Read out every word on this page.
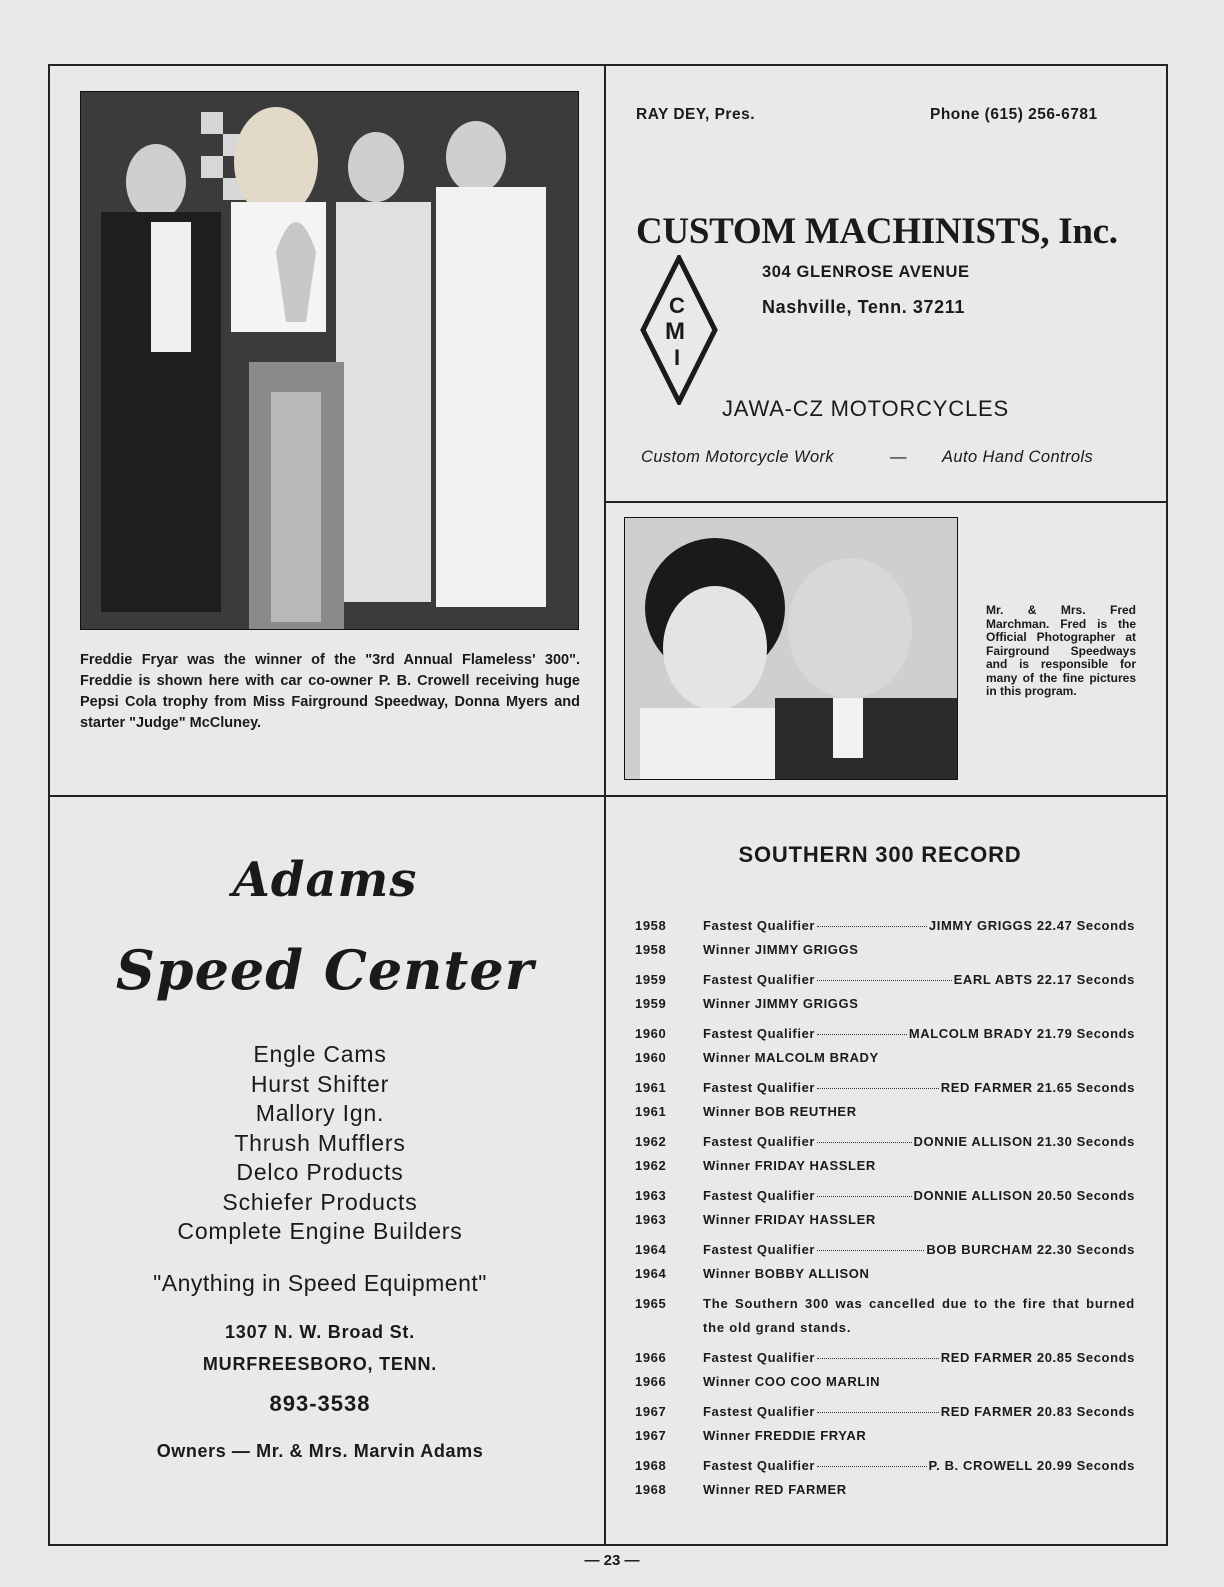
Freddie Fryar was the winner of the "3rd Annual Flameless' 300". Freddie is shown here with car co-owner P. B. Crowell receiving huge Pepsi Cola trophy from Miss Fairground Speedway, Donna Myers and starter "Judge" McCluney.
RAY DEY, Pres.	Phone (615) 256-6781
CUSTOM MACHINISTS, Inc.
C
M
I
304 GLENROSE AVENUE
Nashville, Tenn. 37211
JAWA-CZ MOTORCYCLES
Custom Motorcycle Work	— Auto Hand Controls
Mr. & Mrs. Fred Marchman. Fred is the Official Photographer at Fairground Speedways and is responsible for many of the fine pictures in this program.
Adams
Speed Center
Engle Cams
Hurst Shifter
Mallory Ign.
Thrush Mufflers
Delco Products
Schiefer Products
Complete Engine Builders
"Anything in Speed Equipment"
1307 N. W. Broad St.
MURFREESBORO, TENN.
893-3538
Owners — Mr. & Mrs. Marvin Adams
SOUTHERN 300 RECORD
1958	Fastest Qualifier	JIMMY GRIGGS 22.47 Seconds
1958	Winner JIMMY GRIGGS
1959	Fastest Qualifier	EARL ABTS 22.17 Seconds
1959	Winner JIMMY GRIGGS
1960	Fastest Qualifier	MALCOLM BRADY 21.79 Seconds
1960	Winner MALCOLM BRADY
1961	Fastest Qualifier	RED FARMER 21.65 Seconds
1961	Winner BOB REUTHER
1962	Fastest Qualifier	DONNIE ALLISON 21.30 Seconds
1962	Winner FRIDAY HASSLER
1963	Fastest Qualifier	DONNIE ALLISON 20.50 Seconds
1963	Winner FRIDAY HASSLER
1964	Fastest Qualifier	BOB BURCHAM 22.30 Seconds
1964	Winner BOBBY ALLISON
1965	The Southern 300 was cancelled due to the fire that burned the old grand stands.
1966	Fastest Qualifier	RED FARMER 20.85 Seconds
1966	Winner COO COO MARLIN
1967	Fastest Qualifier	RED FARMER 20.83 Seconds
1967	Winner FREDDIE FRYAR
1968	Fastest Qualifier	P. B. CROWELL 20.99 Seconds
1968	Winner RED FARMER
— 23 —
